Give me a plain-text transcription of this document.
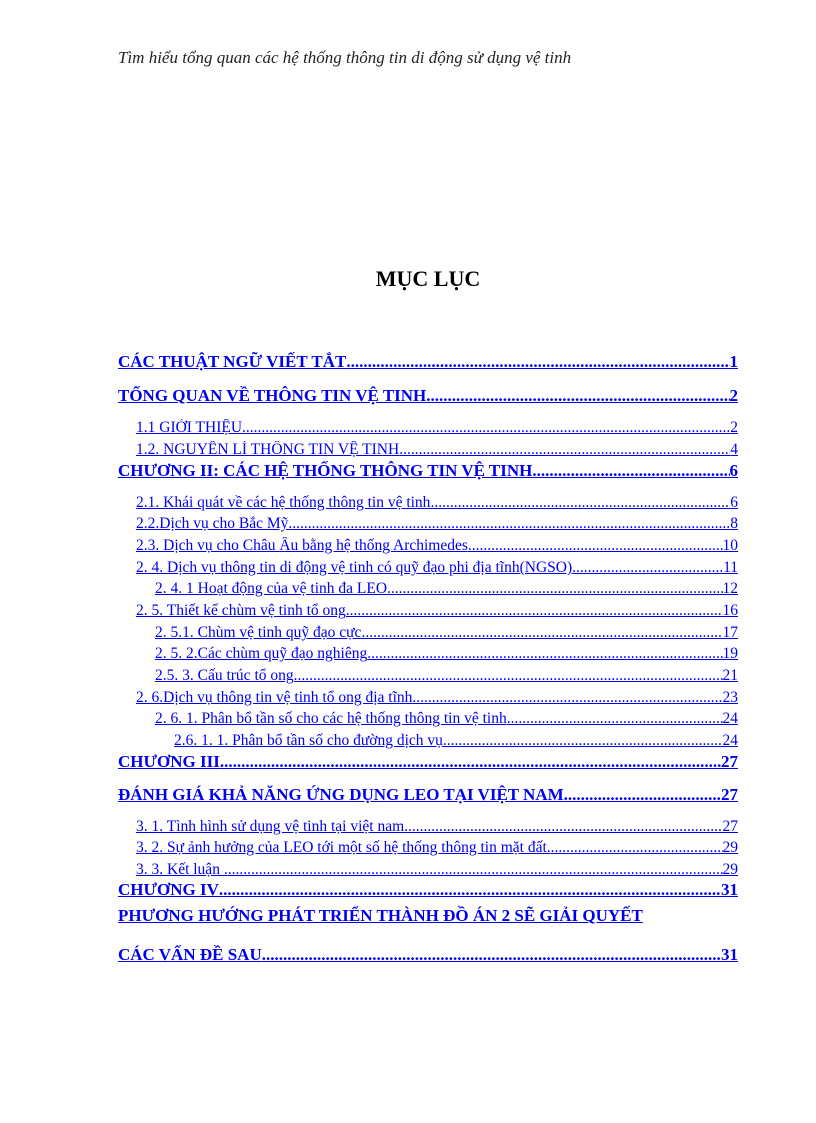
Tìm hiểu tổng quan các hệ thống thông tin di động sử dụng vệ tinh
MỤC LỤC
CÁC THUẬT NGỮ VIẾT TẮT .....	1
TỔNG QUAN VỀ THÔNG TIN VỆ TINH .....	2
1.1 GIỚI THIỆU .....	2
1.2. NGUYÊN LÍ THÔNG TIN VỆ TINH .....	4
CHƯƠNG II: CÁC HỆ THỐNG THÔNG TIN VỆ TINH .....	6
2.1. Khái quát về các hệ thống thông tin vệ tinh .....	6
2.2.Dịch vụ cho Bắc Mỹ. .....	8
2.3. Dịch vụ cho Châu Âu bằng hệ thống Archimedes .....	10
2. 4. Dịch vụ thông tin di động vệ tinh có quỹ đạo phi địa tĩnh(NGSO) .....	11
2. 4. 1 Hoạt động của vệ tinh đa LEO .....	12
2. 5. Thiết kế chùm vệ tinh tổ ong .....	16
2. 5.1. Chùm vệ tinh quỹ đạo cực .....	17
2. 5. 2.Các chùm quỹ đạo nghiêng .....	19
2.5. 3. Cấu trúc tổ ong .....	21
2. 6.Dịch vụ thông tin vệ tinh tổ ong địa tĩnh .....	23
2. 6. 1. Phân bổ tần số cho các hệ thống thông tin vệ tinh .....	24
2.6. 1. 1. Phân bổ tần số cho đường dịch vụ .....	24
CHƯƠNG III .....	27
ĐÁNH GIÁ KHẢ NĂNG ỨNG DỤNG LEO TẠI VIỆT NAM .....	27
3. 1. Tình hình sử dụng vệ tinh tại việt nam .....	27
3. 2. Sự ảnh hưởng của LEO tới một số hệ thống thông tin mặt đất. .....	29
3. 3. Kết luận . .....	29
CHƯƠNG IV .....	31
PHƯƠNG HƯỚNG PHÁT TRIỂN THÀNH ĐỒ ÁN 2 SẼ GIẢI QUYẾT
CÁC VẤN ĐỀ SAU .....	31
